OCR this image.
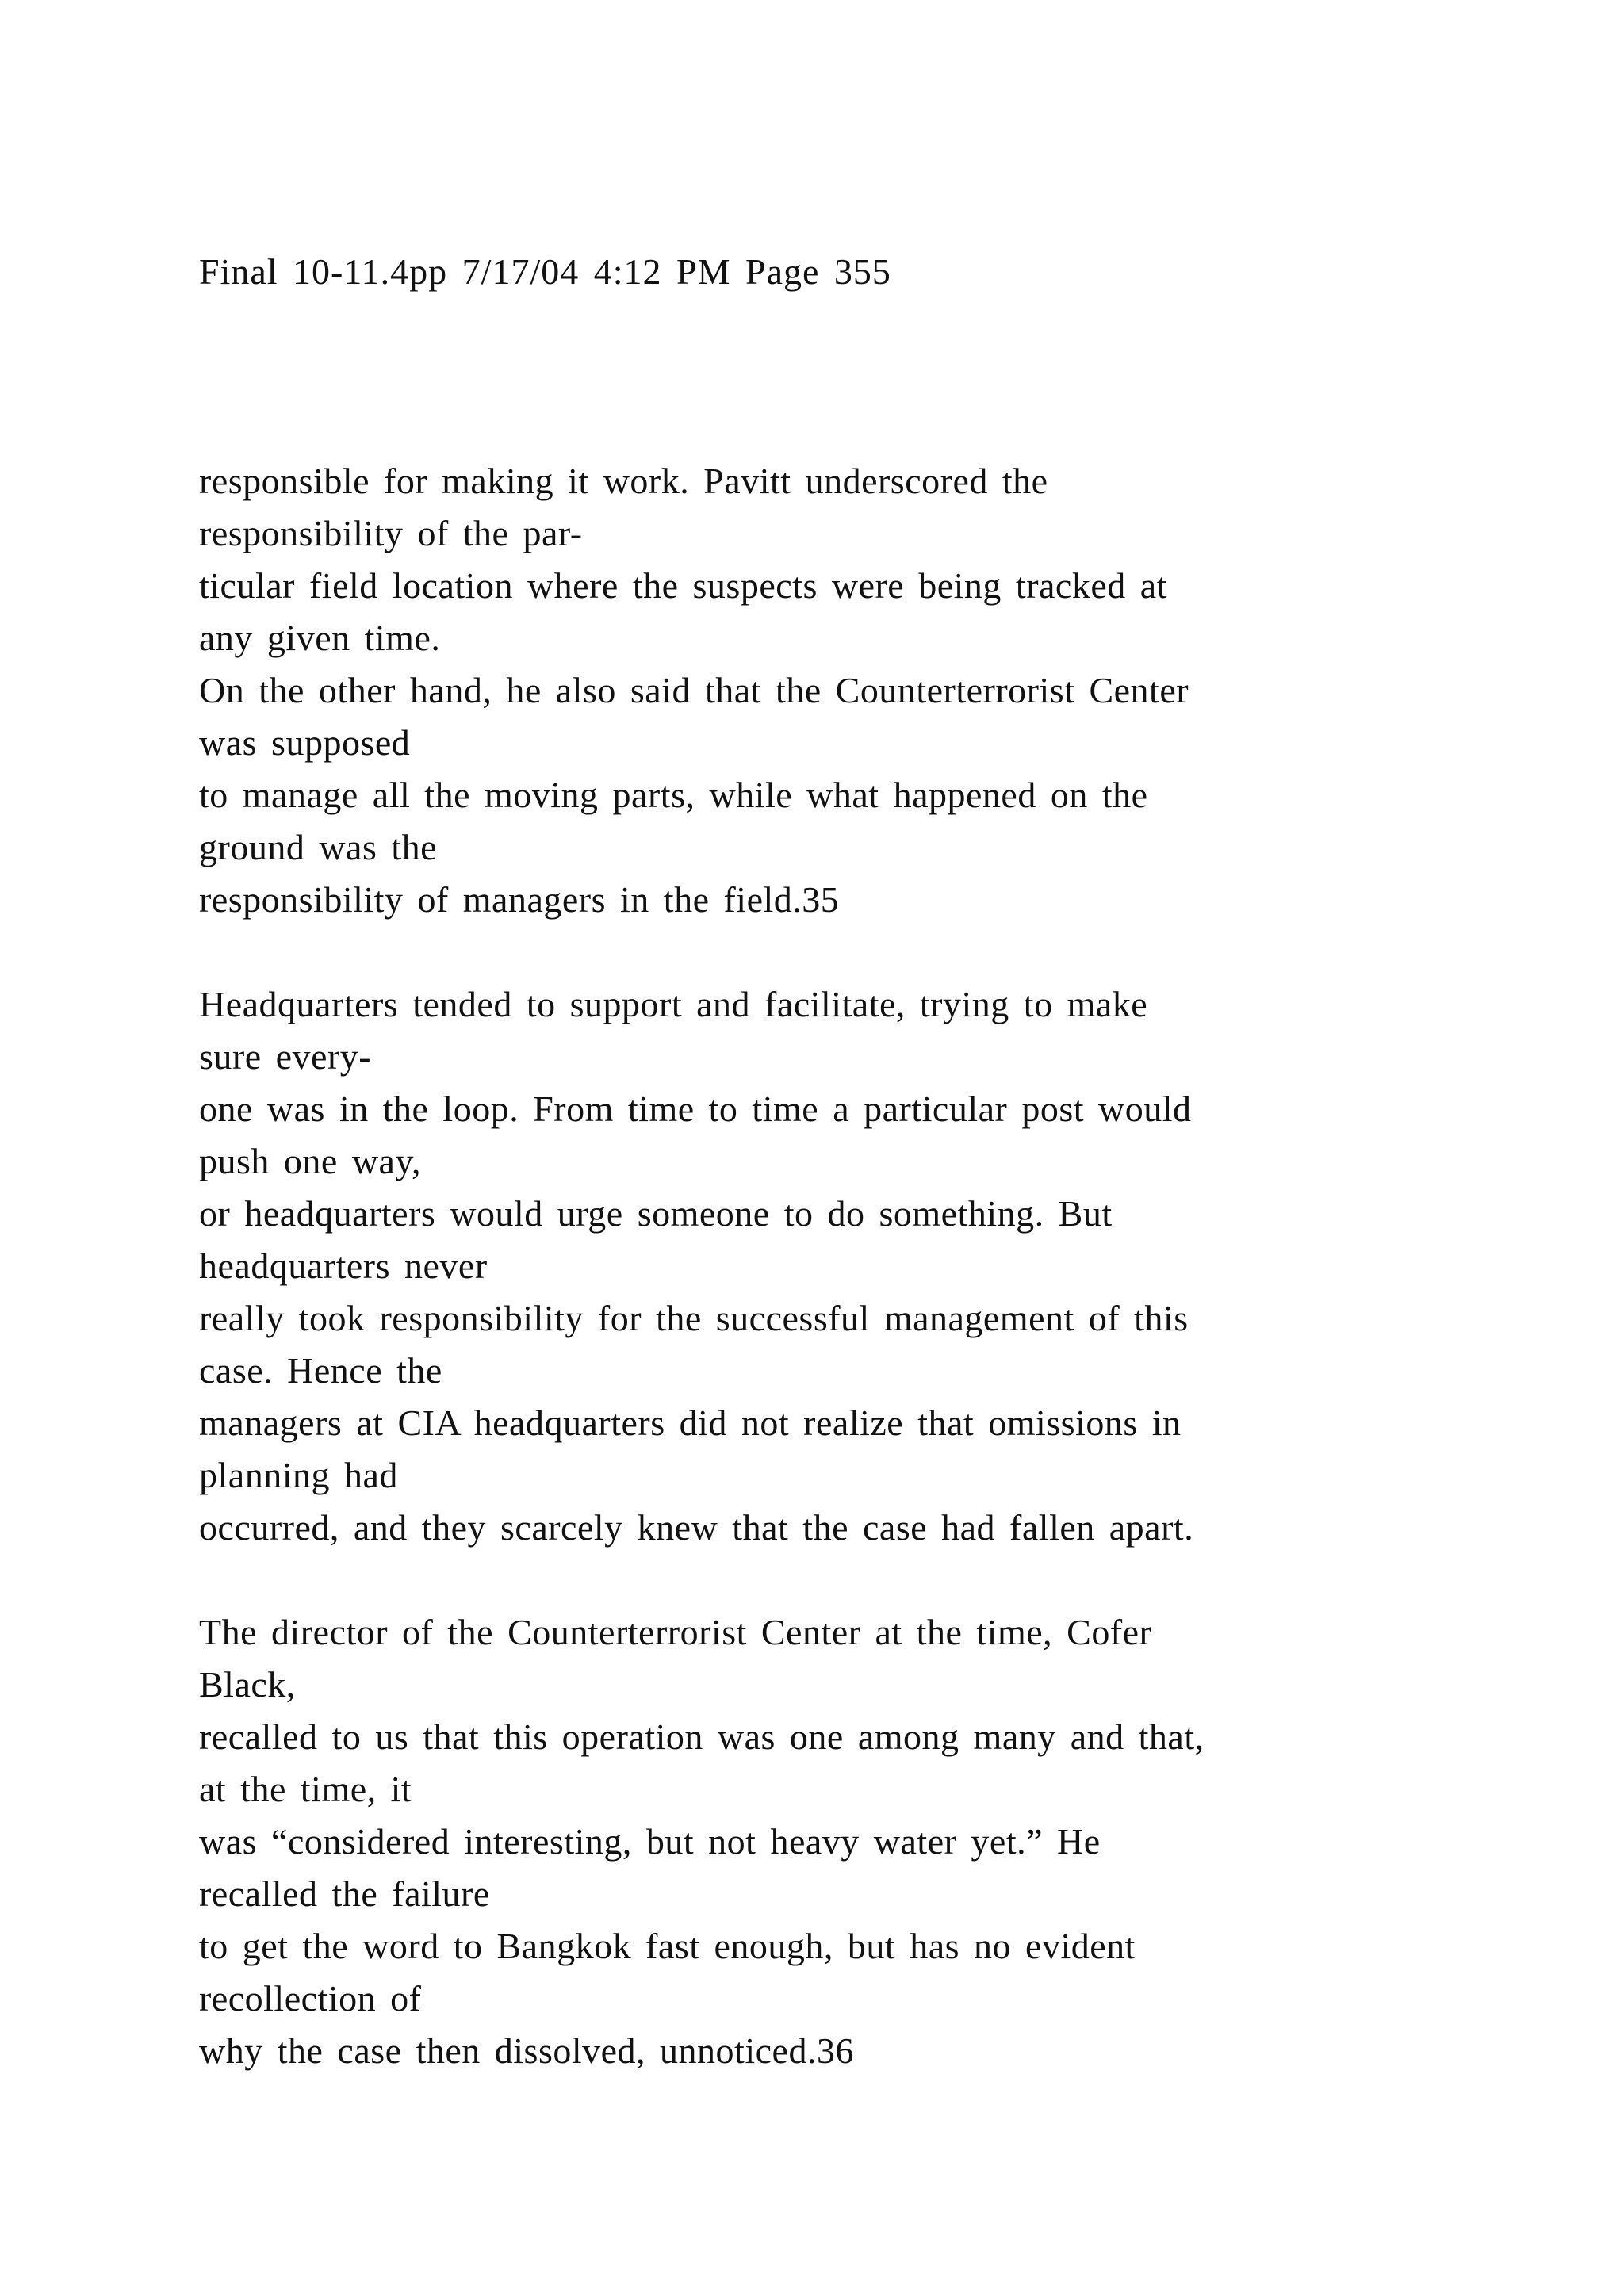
Final 10-11.4pp 7/17/04 4:12 PM Page 355
responsible for making it work. Pavitt underscored the
responsibility of the par-
ticular field location where the suspects were being tracked at
any given time.
On the other hand, he also said that the Counterterrorist Center
was supposed
to manage all the moving parts, while what happened on the
ground was the
responsibility of managers in the field.35
Headquarters tended to support and facilitate, trying to make
sure every-
one was in the loop. From time to time a particular post would
push one way,
or headquarters would urge someone to do something. But
headquarters never
really took responsibility for the successful management of this
case. Hence the
managers at CIA headquarters did not realize that omissions in
planning had
occurred, and they scarcely knew that the case had fallen apart.
The director of the Counterterrorist Center at the time, Cofer
Black,
recalled to us that this operation was one among many and that,
at the time, it
was “considered interesting, but not heavy water yet.” He
recalled the failure
to get the word to Bangkok fast enough, but has no evident
recollection of
why the case then dissolved, unnoticed.36
